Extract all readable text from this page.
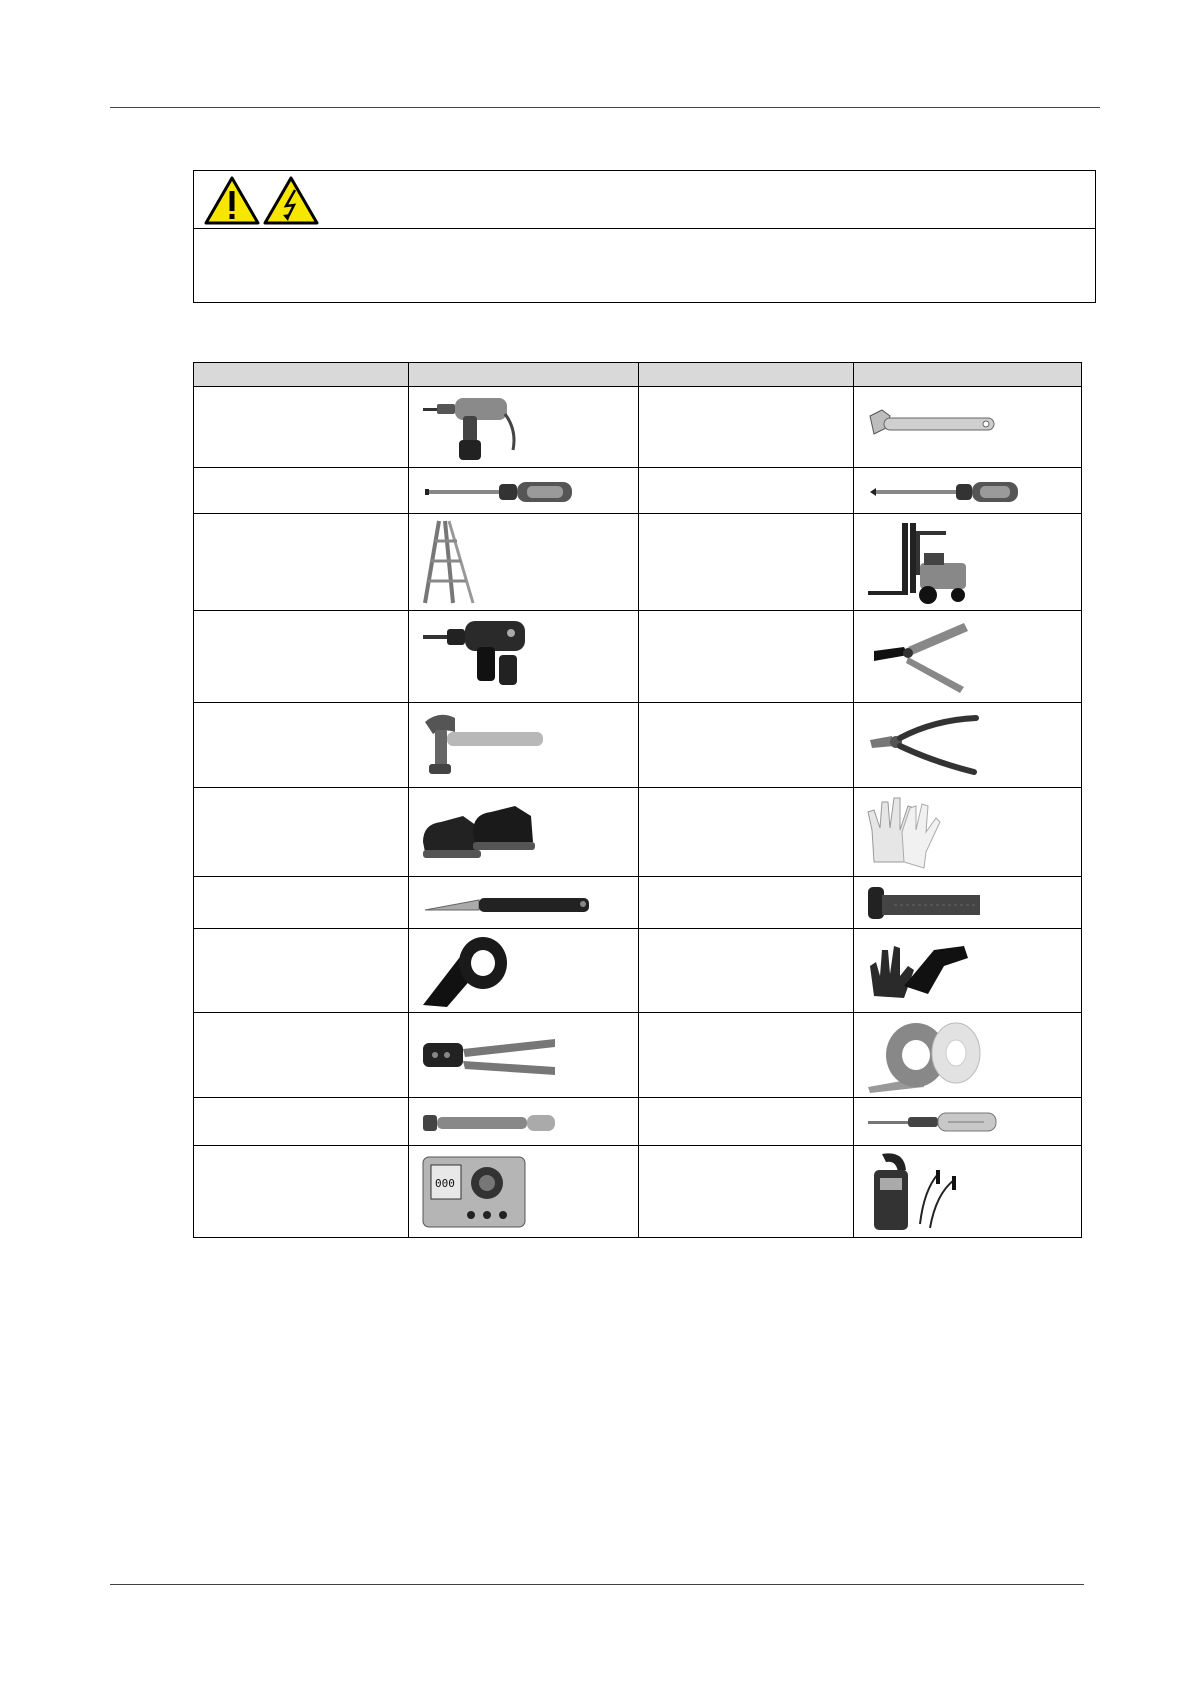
000
